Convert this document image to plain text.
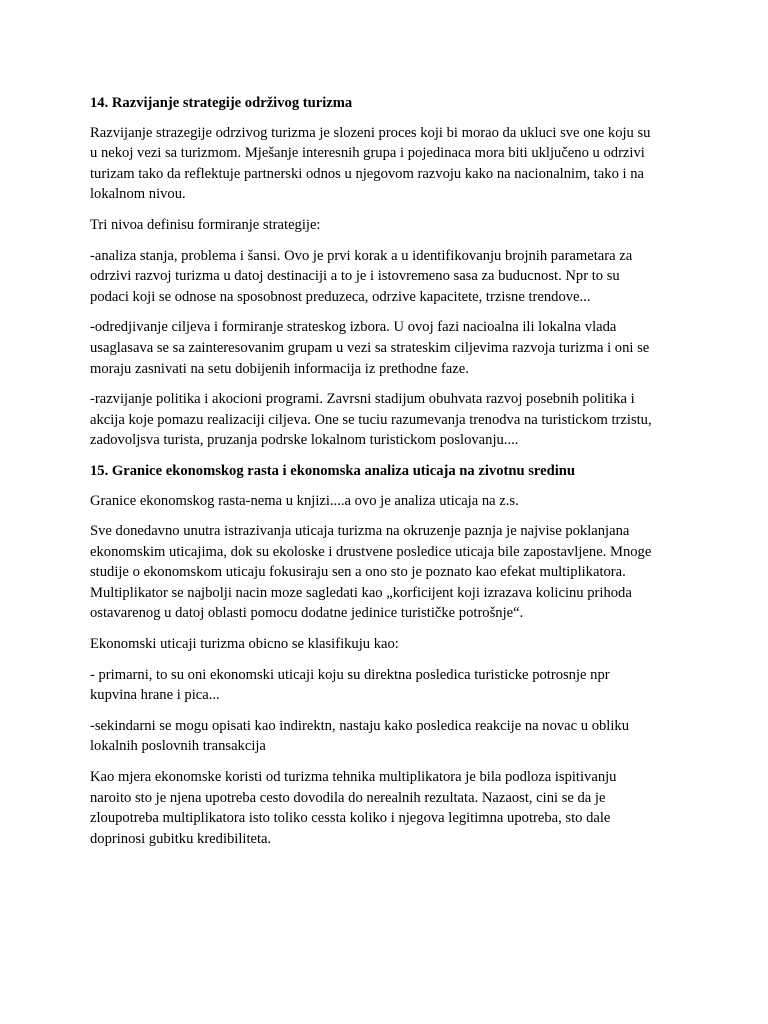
14. Razvijanje strategije održivog turizma
Razvijanje strazegije odrzivog turizma je slozeni proces koji bi morao da ukluci sve one koju su
u nekoj vezi sa turizmom. Mješanje interesnih grupa i pojedinaca mora biti uključeno u odrzivi
turizam tako da reflektuje partnerski odnos u njegovom razvoju kako na nacionalnim, tako i na
lokalnom nivou.
Tri nivoa definisu formiranje strategije:
-analiza stanja, problema i šansi. Ovo je prvi korak a u identifikovanju brojnih parametara za
odrzivi razvoj turizma u datoj destinaciji a to je i istovremeno sasa za buducnost. Npr to su
podaci koji se odnose na sposobnost preduzeca, odrzive kapacitete, trzisne trendove...
-odredjivanje ciljeva i formiranje strateskog izbora. U ovoj fazi nacioalna ili lokalna vlada
usaglasava se sa zainteresovanim grupam u vezi sa strateskim ciljevima razvoja turizma i oni se
moraju zasnivati na setu dobijenih informacija iz prethodne faze.
-razvijanje politika i akocioni programi. Zavrsni stadijum obuhvata razvoj posebnih politika i
akcija koje pomazu realizaciji ciljeva. One se tuciu razumevanja trenodva na turistickom trzistu,
zadovoljsva turista, pruzanja podrske lokalnom turistickom poslovanju....
15. Granice ekonomskog rasta i ekonomska analiza uticaja na zivotnu sredinu
Granice ekonomskog rasta-nema u knjizi....a ovo je analiza uticaja na z.s.
Sve donedavno unutra istrazivanja uticaja turizma na okruzenje paznja je najvise poklanjana
ekonomskim uticajima, dok su ekoloske i drustvene posledice uticaja bile zapostavljene. Mnoge
studije o ekonomskom uticaju fokusiraju sen a ono sto je poznato kao efekat multiplikatora.
Multiplikator se najbolji nacin moze sagledati kao „korficijent koji izrazava kolicinu prihoda
ostavarenog u datoj oblasti pomocu dodatne jedinice turističke potrošnje“.
Ekonomski uticaji turizma obicno se klasifikuju kao:
- primarni, to su oni ekonomski uticaji koju su direktna posledica turisticke potrosnje npr
kupvina hrane i pica...
-sekindarni se mogu opisati kao indirektn, nastaju kako posledica reakcije na novac u obliku
lokalnih poslovnih transakcija
Kao mjera ekonomske koristi od turizma tehnika multiplikatora je bila podloza ispitivanju
naroito sto je njena upotreba cesto dovodila do nerealnih rezultata. Nazaost, cini se da je
zloupotreba multiplikatora isto toliko cessta koliko i njegova legitimna upotreba, sto dale
doprinosi gubitku kredibiliteta.
